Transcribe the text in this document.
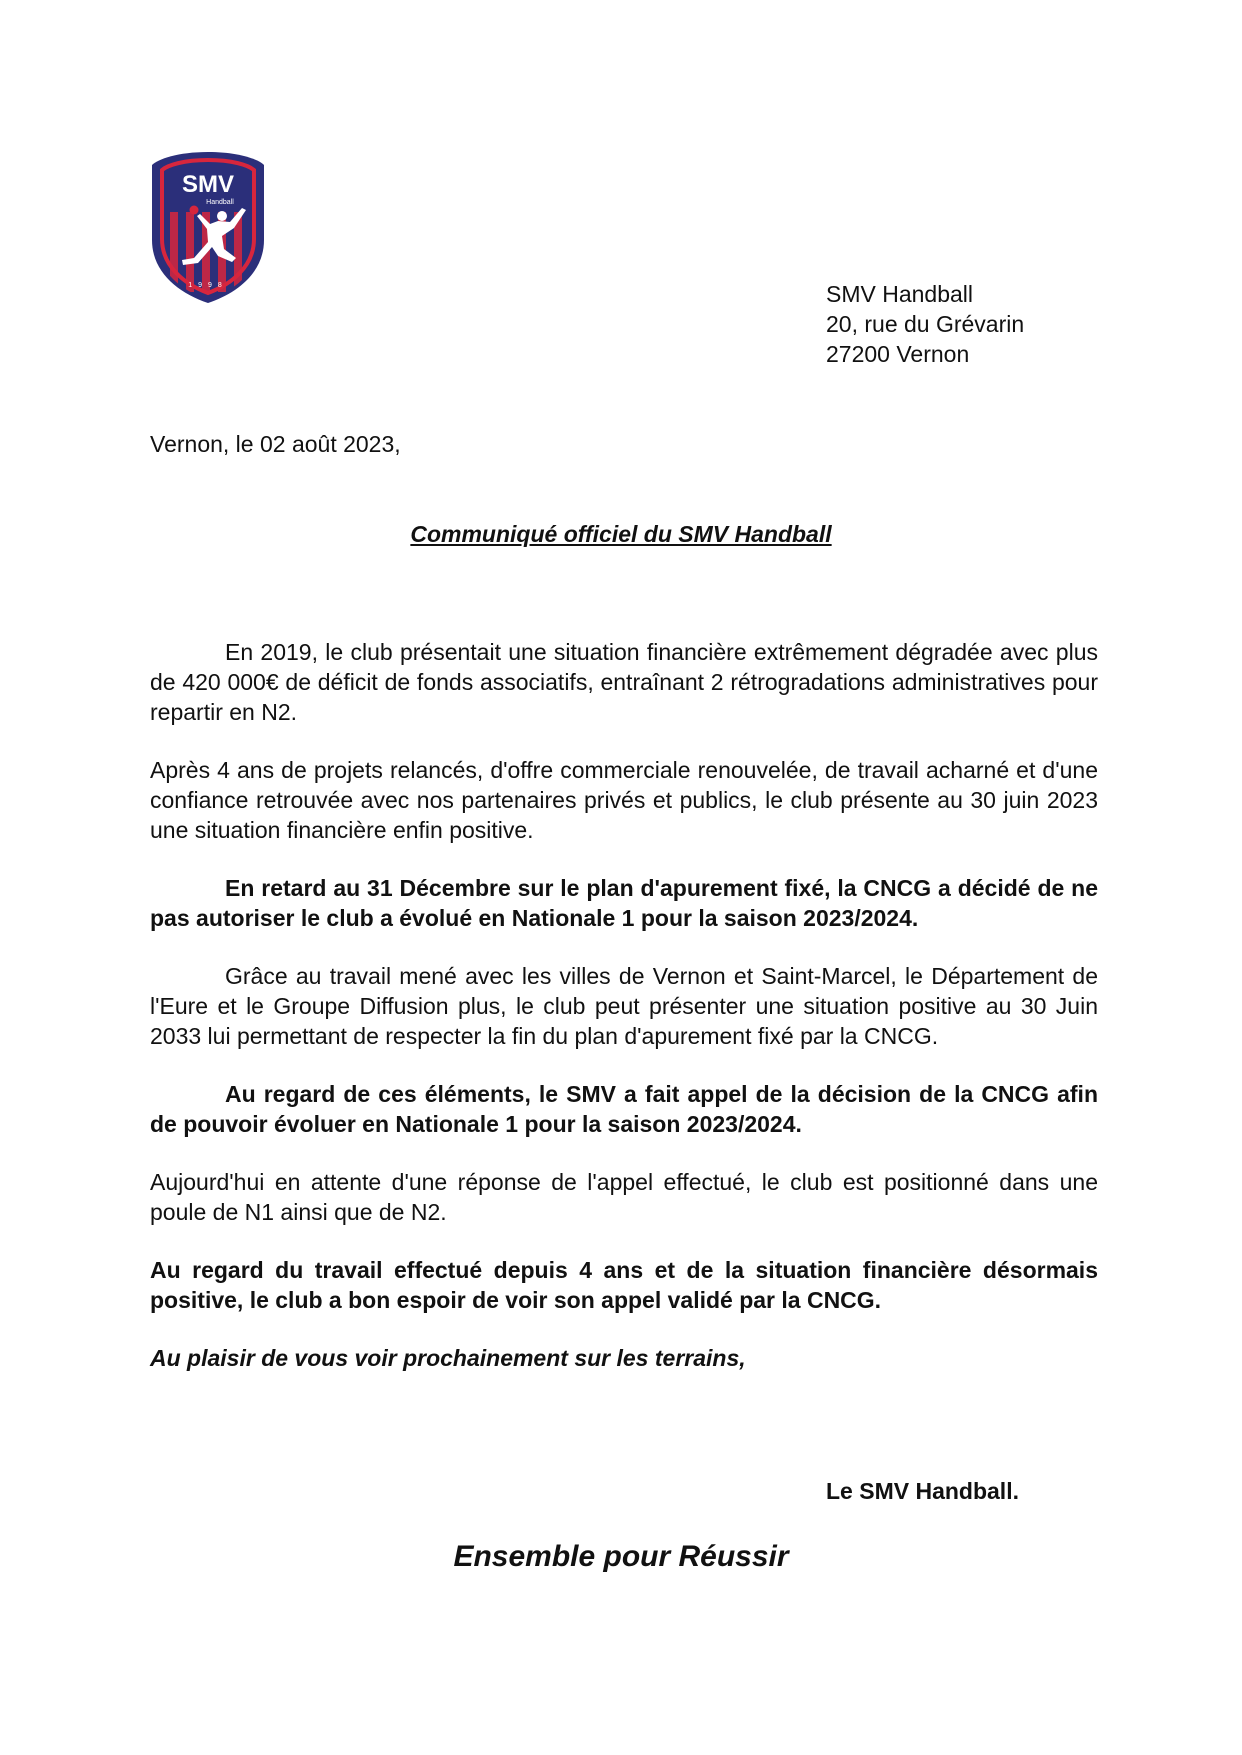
SMV
Handball
1998	SMV Handball
20, rue du Grévarin
27200 Vernon
Vernon, le 02 août 2023,
Communiqué officiel du SMV Handball

En 2019, le club présentait une situation financière extrêmement dégradée avec plus de 420 000€ de déficit de fonds associatifs, entraînant 2 rétrogradations administratives pour repartir en N2.

Après 4 ans de projets relancés, d'offre commerciale renouvelée, de travail acharné et d'une confiance retrouvée avec nos partenaires privés et publics, le club présente au 30 juin 2023 une situation financière enfin positive.

En retard au 31 Décembre sur le plan d'apurement fixé, la CNCG a décidé de ne pas autoriser le club a évolué en Nationale 1 pour la saison 2023/2024.

Grâce au travail mené avec les villes de Vernon et Saint-Marcel, le Département de l'Eure et le Groupe Diffusion plus, le club peut présenter une situation positive au 30 Juin 2033 lui permettant de respecter la fin du plan d'apurement fixé par la CNCG.

Au regard de ces éléments, le SMV a fait appel de la décision de la CNCG afin de pouvoir évoluer en Nationale 1 pour la saison 2023/2024.

Aujourd'hui en attente d'une réponse de l'appel effectué, le club est positionné dans une poule de N1 ainsi que de N2.

Au regard du travail effectué depuis 4 ans et de la situation financière désormais positive, le club a bon espoir de voir son appel validé par la CNCG.

Au plaisir de vous voir prochainement sur les terrains,

Le SMV Handball.
Ensemble pour Réussir
